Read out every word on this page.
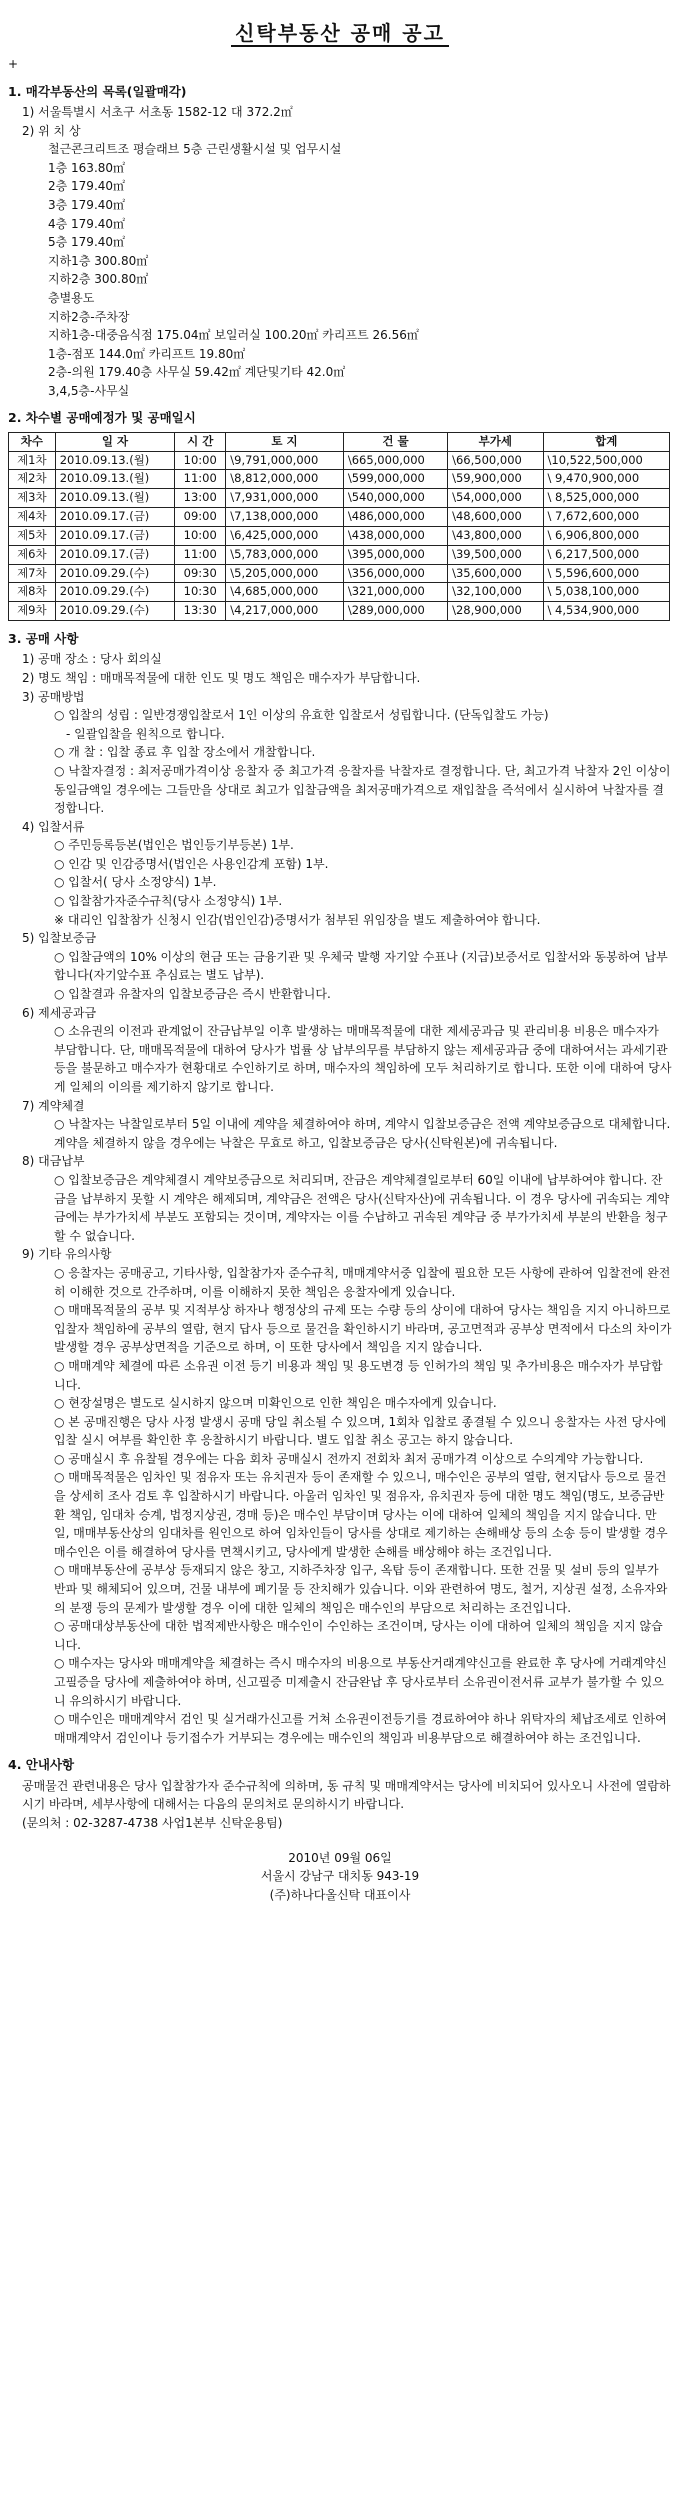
신탁부동산 공매 공고
+
1. 매각부동산의 목록(일괄매각)

1) 서울특별시 서초구 서초동 1582-12 대 372.2㎡

2) 위 치 상

철근콘크리트조 평슬래브 5층 근린생활시설 및 업무시설

1층 163.80㎡

2층 179.40㎡

3층 179.40㎡

4층 179.40㎡

5층 179.40㎡

지하1층 300.80㎡

지하2층 300.80㎡

층별용도

지하2층-주차장

지하1층-대중음식점 175.04㎡ 보일러실 100.20㎡ 카리프트 26.56㎡

1층-점포 144.0㎡ 카리프트 19.80㎡

2층-의원 179.40층 사무실 59.42㎡ 계단및기타 42.0㎡

3,4,5층-사무실

2. 차수별 공매예정가 및 공매일시
차수	일 자	시 간	토 지	건 물	부가세	합계
제1차	2010.09.13.(월)	10:00	\9,791,000,000	\665,000,000	\66,500,000	\10,522,500,000
제2차	2010.09.13.(월)	11:00	\8,812,000,000	\599,000,000	\59,900,000	\ 9,470,900,000
제3차	2010.09.13.(월)	13:00	\7,931,000,000	\540,000,000	\54,000,000	\ 8,525,000,000
제4차	2010.09.17.(금)	09:00	\7,138,000,000	\486,000,000	\48,600,000	\ 7,672,600,000
제5차	2010.09.17.(금)	10:00	\6,425,000,000	\438,000,000	\43,800,000	\ 6,906,800,000
제6차	2010.09.17.(금)	11:00	\5,783,000,000	\395,000,000	\39,500,000	\ 6,217,500,000
제7차	2010.09.29.(수)	09:30	\5,205,000,000	\356,000,000	\35,600,000	\ 5,596,600,000
제8차	2010.09.29.(수)	10:30	\4,685,000,000	\321,000,000	\32,100,000	\ 5,038,100,000
제9차	2010.09.29.(수)	13:30	\4,217,000,000	\289,000,000	\28,900,000	\ 4,534,900,000
3. 공매 사항

1) 공매 장소 : 당사 회의실

2) 명도 책임 : 매매목적물에 대한 인도 및 명도 책임은 매수자가 부담합니다.

3) 공매방법

○ 입찰의 성립 : 일반경쟁입찰로서 1인 이상의 유효한 입찰로서 성립합니다. (단독입찰도 가능)

- 일괄입찰을 원칙으로 합니다.

○ 개 찰 : 입찰 종료 후 입찰 장소에서 개찰합니다.

○ 낙찰자결정 : 최저공매가격이상 응찰자 중 최고가격 응찰자를 낙찰자로 결정합니다. 단, 최고가격 낙찰자 2인 이상이 동일금액일 경우에는 그들만을 상대로 최고가 입찰금액을 최저공매가격으로 재입찰을 즉석에서 실시하여 낙찰자를 결정합니다.

4) 입찰서류

○ 주민등록등본(법인은 법인등기부등본) 1부.

○ 인감 및 인감증명서(법인은 사용인감계 포함) 1부.

○ 입찰서( 당사 소정양식) 1부.

○ 입찰참가자준수규칙(당사 소정양식) 1부.

※ 대리인 입찰참가 신청시 인감(법인인감)증명서가 첨부된 위임장을 별도 제출하여야 합니다.

5) 입찰보증금

○ 입찰금액의 10% 이상의 현금 또는 금융기관 및 우체국 발행 자기앞 수표나 (지급)보증서로 입찰서와 동봉하여 납부합니다(자기앞수표 추심료는 별도 납부).

○ 입찰결과 유찰자의 입찰보증금은 즉시 반환합니다.

6) 제세공과금

○ 소유권의 이전과 관계없이 잔금납부일 이후 발생하는 매매목적물에 대한 제세공과금 및 관리비용 비용은 매수자가 부담합니다. 단, 매매목적물에 대하여 당사가 법률 상 납부의무를 부담하지 않는 제세공과금 중에 대하여서는 과세기관등을 불문하고 매수자가 현황대로 수인하기로 하며, 매수자의 책임하에 모두 처리하기로 합니다. 또한 이에 대하여 당사게 일체의 이의를 제기하지 않기로 합니다.

7) 계약체결

○ 낙찰자는 낙찰일로부터 5일 이내에 계약을 체결하여야 하며, 계약시 입찰보증금은 전액 계약보증금으로 대체합니다. 계약을 체결하지 않을 경우에는 낙찰은 무효로 하고, 입찰보증금은 당사(신탁원본)에 귀속됩니다.

8) 대금납부

○ 입찰보증금은 계약체결시 계약보증금으로 처리되며, 잔금은 계약체결일로부터 60일 이내에 납부하여야 합니다. 잔금을 납부하지 못할 시 계약은 해제되며, 계약금은 전액은 당사(신탁자산)에 귀속됩니다. 이 경우 당사에 귀속되는 계약금에는 부가가치세 부분도 포함되는 것이며, 계약자는 이를 수납하고 귀속된 계약금 중 부가가치세 부분의 반환을 청구할 수 없습니다.

9) 기타 유의사항

○ 응찰자는 공매공고, 기타사항, 입찰참가자 준수규칙, 매매계약서중 입찰에 필요한 모든 사항에 관하여 입찰전에 완전히 이해한 것으로 간주하며, 이를 이해하지 못한 책임은 응찰자에게 있습니다.

○ 매매목적물의 공부 및 지적부상 하자나 행정상의 규제 또는 수량 등의 상이에 대하여 당사는 책임을 지지 아니하므로 입찰자 책임하에 공부의 열람, 현지 답사 등으로 물건을 확인하시기 바라며, 공고면적과 공부상 면적에서 다소의 차이가 발생할 경우 공부상면적을 기준으로 하며, 이 또한 당사에서 책임을 지지 않습니다.

○ 매매계약 체결에 따른 소유권 이전 등기 비용과 책임 및 용도변경 등 인허가의 책임 및 추가비용은 매수자가 부담합니다.

○ 현장설명은 별도로 실시하지 않으며 미확인으로 인한 책임은 매수자에게 있습니다.

○ 본 공매진행은 당사 사정 발생시 공매 당일 취소될 수 있으며, 1회차 입찰로 종결될 수 있으니 응찰자는 사전 당사에 입찰 실시 여부를 확인한 후 응찰하시기 바랍니다. 별도 입찰 취소 공고는 하지 않습니다.

○ 공매실시 후 유찰될 경우에는 다음 회차 공매실시 전까지 전회차 최저 공매가격 이상으로 수의계약 가능합니다.

○ 매매목적물은 임차인 및 점유자 또는 유치권자 등이 존재할 수 있으니, 매수인은 공부의 열람, 현지답사 등으로 물건을 상세히 조사 검토 후 입찰하시기 바랍니다. 아울러 임차인 및 점유자, 유치권자 등에 대한 명도 책임(명도, 보증금반환 책임, 임대차 승계, 법정지상권, 경매 등)은 매수인 부담이며 당사는 이에 대하여 일체의 책임을 지지 않습니다. 만일, 매매부동산상의 임대차를 원인으로 하여 임차인들이 당사를 상대로 제기하는 손해배상 등의 소송 등이 발생할 경우 매수인은 이를 해결하여 당사를 면책시키고, 당사에게 발생한 손해를 배상해야 하는 조건입니다.

○ 매매부동산에 공부상 등재되지 않은 창고, 지하주차장 입구, 옥탑 등이 존재합니다. 또한 건물 및 설비 등의 일부가 반파 및 해체되어 있으며, 건물 내부에 폐기물 등 잔치해가 있습니다. 이와 관련하여 명도, 철거, 지상권 설정, 소유자와의 분쟁 등의 문제가 발생할 경우 이에 대한 일체의 책임은 매수인의 부담으로 처리하는 조건입니다.

○ 공매대상부동산에 대한 법적제반사항은 매수인이 수인하는 조건이며, 당사는 이에 대하여 일체의 책임을 지지 않습니다.

○ 매수자는 당사와 매매계약을 체결하는 즉시 매수자의 비용으로 부동산거래계약신고를 완료한 후 당사에 거래계약신고필증을 당사에 제출하여야 하며, 신고필증 미제출시 잔금완납 후 당사로부터 소유권이전서류 교부가 불가할 수 있으니 유의하시기 바랍니다.

○ 매수인은 매매계약서 검인 및 실거래가신고를 거쳐 소유권이전등기를 경료하여야 하나 위탁자의 체납조세로 인하여 매매계약서 검인이나 등기접수가 거부되는 경우에는 매수인의 책임과 비용부담으로 해결하여야 하는 조건입니다.

4. 안내사항

공매물건 관련내용은 당사 입찰참가자 준수규칙에 의하며, 동 규칙 및 매매계약서는 당사에 비치되어 있사오니 사전에 열람하시기 바라며, 세부사항에 대해서는 다음의 문의처로 문의하시기 바랍니다.

(문의처 : 02-3287-4738 사업1본부 신탁운용팀)

2010년 09월 06일

서울시 강남구 대치동 943-19

(주)하나다올신탁 대표이사
